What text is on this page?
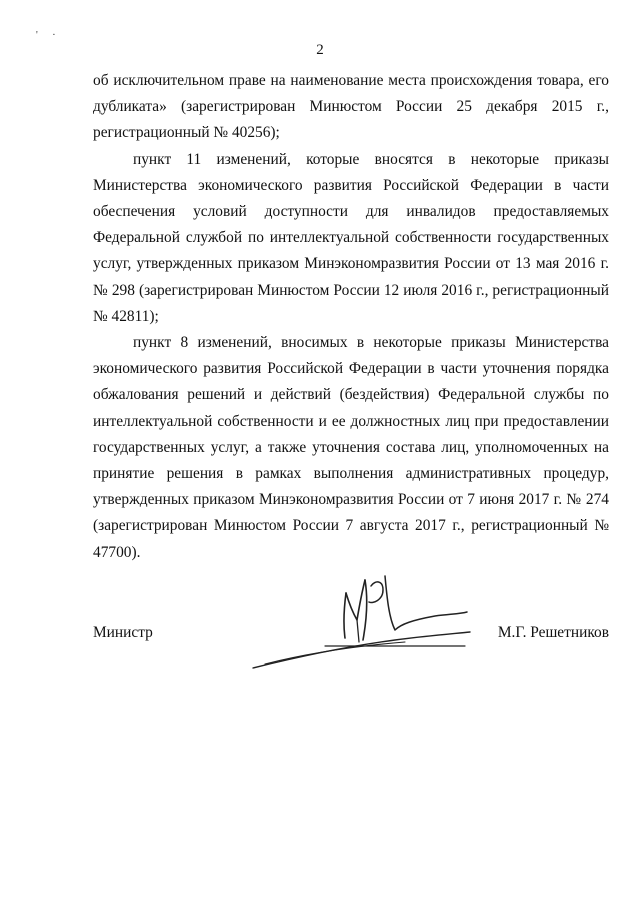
' ·
2

об исключительном праве на наименование места происхождения товара, его дубликата» (зарегистрирован Минюстом России 25 декабря 2015 г., регистрационный № 40256);

пункт 11 изменений, которые вносятся в некоторые приказы Министерства экономического развития Российской Федерации в части обеспечения условий доступности для инвалидов предоставляемых Федеральной службой по интеллектуальной собственности государственных услуг, утвержденных приказом Минэкономразвития России от 13 мая 2016 г. № 298 (зарегистрирован Минюстом России 12 июля 2016 г., регистрационный № 42811);

пункт 8 изменений, вносимых в некоторые приказы Министерства экономического развития Российской Федерации в части уточнения порядка обжалования решений и действий (бездействия) Федеральной службы по интеллектуальной собственности и ее должностных лиц при предоставлении государственных услуг, а также уточнения состава лиц, уполномоченных на принятие решения в рамках выполнения административных процедур, утвержденных приказом Минэкономразвития России от 7 июня 2017 г. № 274 (зарегистрирован Минюстом России 7 августа 2017 г., регистрационный № 47700).

Министр	М.Г. Решетников
